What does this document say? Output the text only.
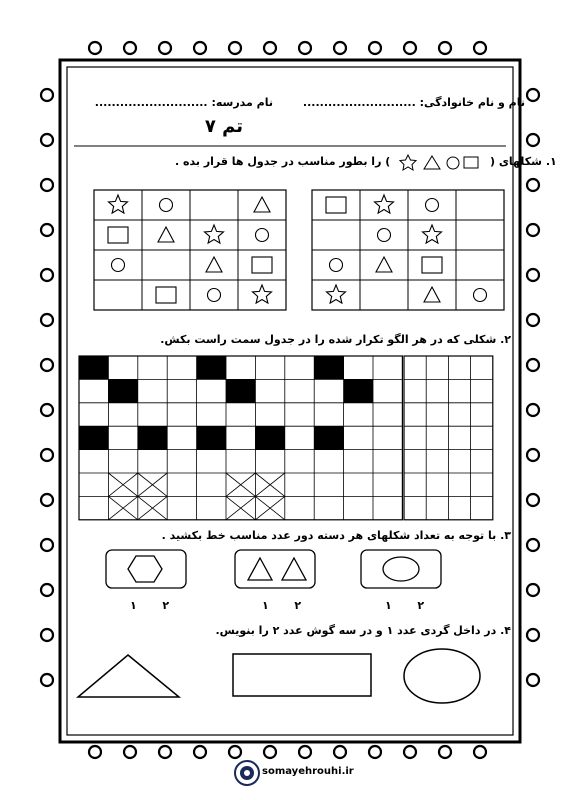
نام و نام خانوادگی: ...........................
نام مدرسه: ...........................
تم ۷
) را بطور مناسب در جدول ها قرار بده .	۱. شکلهای (
۲. شکلی که در هر الگو تکرار شده را در جدول سمت راست بکش.
۳. با توجه به تعداد شکلهای هر دسته دور عدد مناسب خط بکشید .
۱ ۲	۱ ۲	۱ ۲
۴. در داخل گردی عدد ۱ و در سه گوش عدد ۲ را بنویس.
somayehrouhi.ir
